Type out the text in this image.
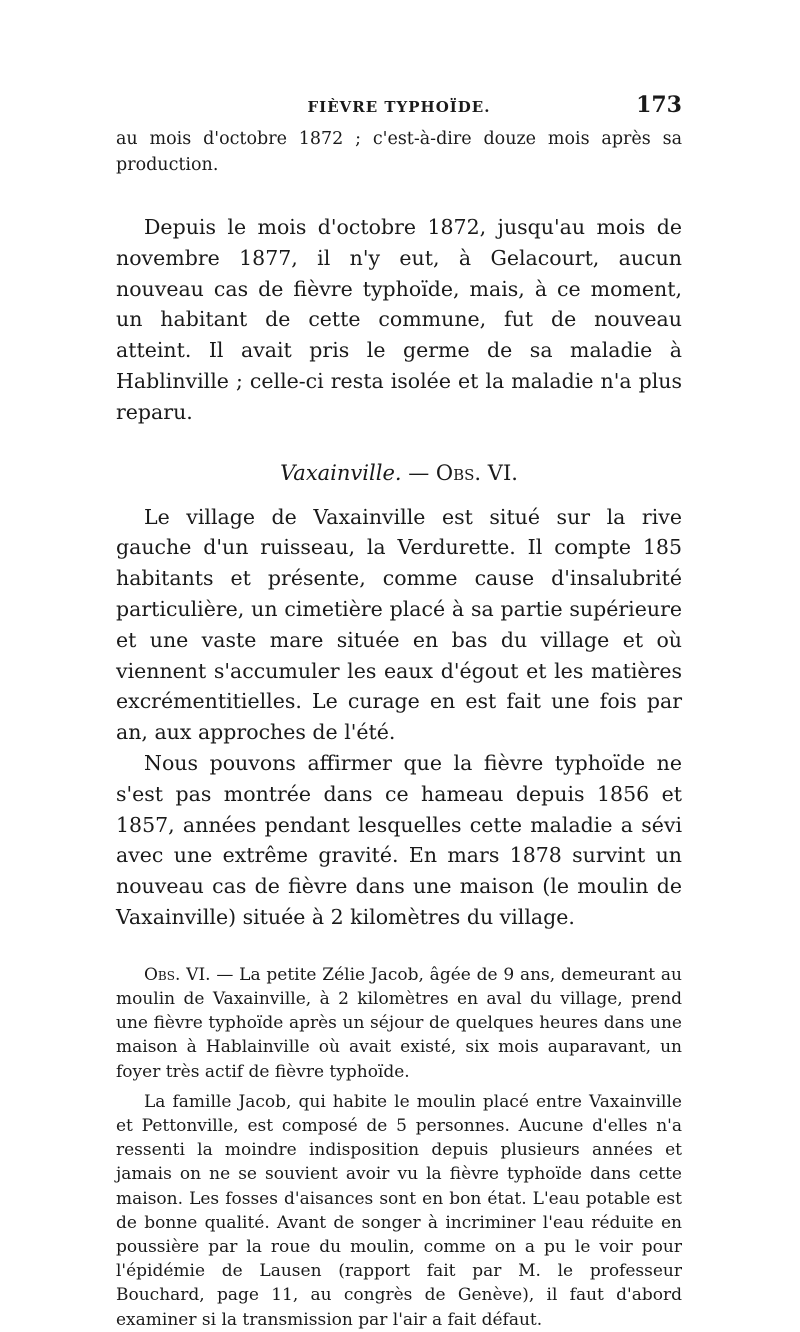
FIÈVRE TYPHOÏDE.	173

au mois d'octobre 1872 ; c'est-à-dire douze mois après sa production.

Depuis le mois d'octobre 1872, jusqu'au mois de novembre 1877, il n'y eut, à Gelacourt, aucun nouveau cas de fièvre typhoïde, mais, à ce moment, un habitant de cette commune, fut de nouveau atteint. Il avait pris le germe de sa maladie à Hablinville ; celle-ci resta isolée et la maladie n'a plus reparu.

Vaxainville. — Obs. VI.

Le village de Vaxainville est situé sur la rive gauche d'un ruisseau, la Verdurette. Il compte 185 habitants et présente, comme cause d'insalubrité particulière, un cimetière placé à sa partie supérieure et une vaste mare située en bas du village et où viennent s'accumuler les eaux d'égout et les matières excrémentitielles. Le curage en est fait une fois par an, aux approches de l'été.

Nous pouvons affirmer que la fièvre typhoïde ne s'est pas montrée dans ce hameau depuis 1856 et 1857, années pendant lesquelles cette maladie a sévi avec une extrême gravité. En mars 1878 survint un nouveau cas de fièvre dans une maison (le moulin de Vaxainville) située à 2 kilomètres du village.

Obs. VI. — La petite Zélie Jacob, âgée de 9 ans, demeurant au moulin de Vaxainville, à 2 kilomètres en aval du village, prend une fièvre typhoïde après un séjour de quelques heures dans une maison à Hablainville où avait existé, six mois auparavant, un foyer très actif de fièvre typhoïde.

La famille Jacob, qui habite le moulin placé entre Vaxainville et Pettonville, est composé de 5 personnes. Aucune d'elles n'a ressenti la moindre indisposition depuis plusieurs années et jamais on ne se souvient avoir vu la fièvre typhoïde dans cette maison. Les fosses d'aisances sont en bon état. L'eau potable est de bonne qualité. Avant de songer à incriminer l'eau réduite en poussière par la roue du moulin, comme on a pu le voir pour l'épidémie de Lausen (rapport fait par M. le professeur Bouchard, page 11, au congrès de Genève), il faut d'abord examiner si la transmission par l'air a fait défaut.
